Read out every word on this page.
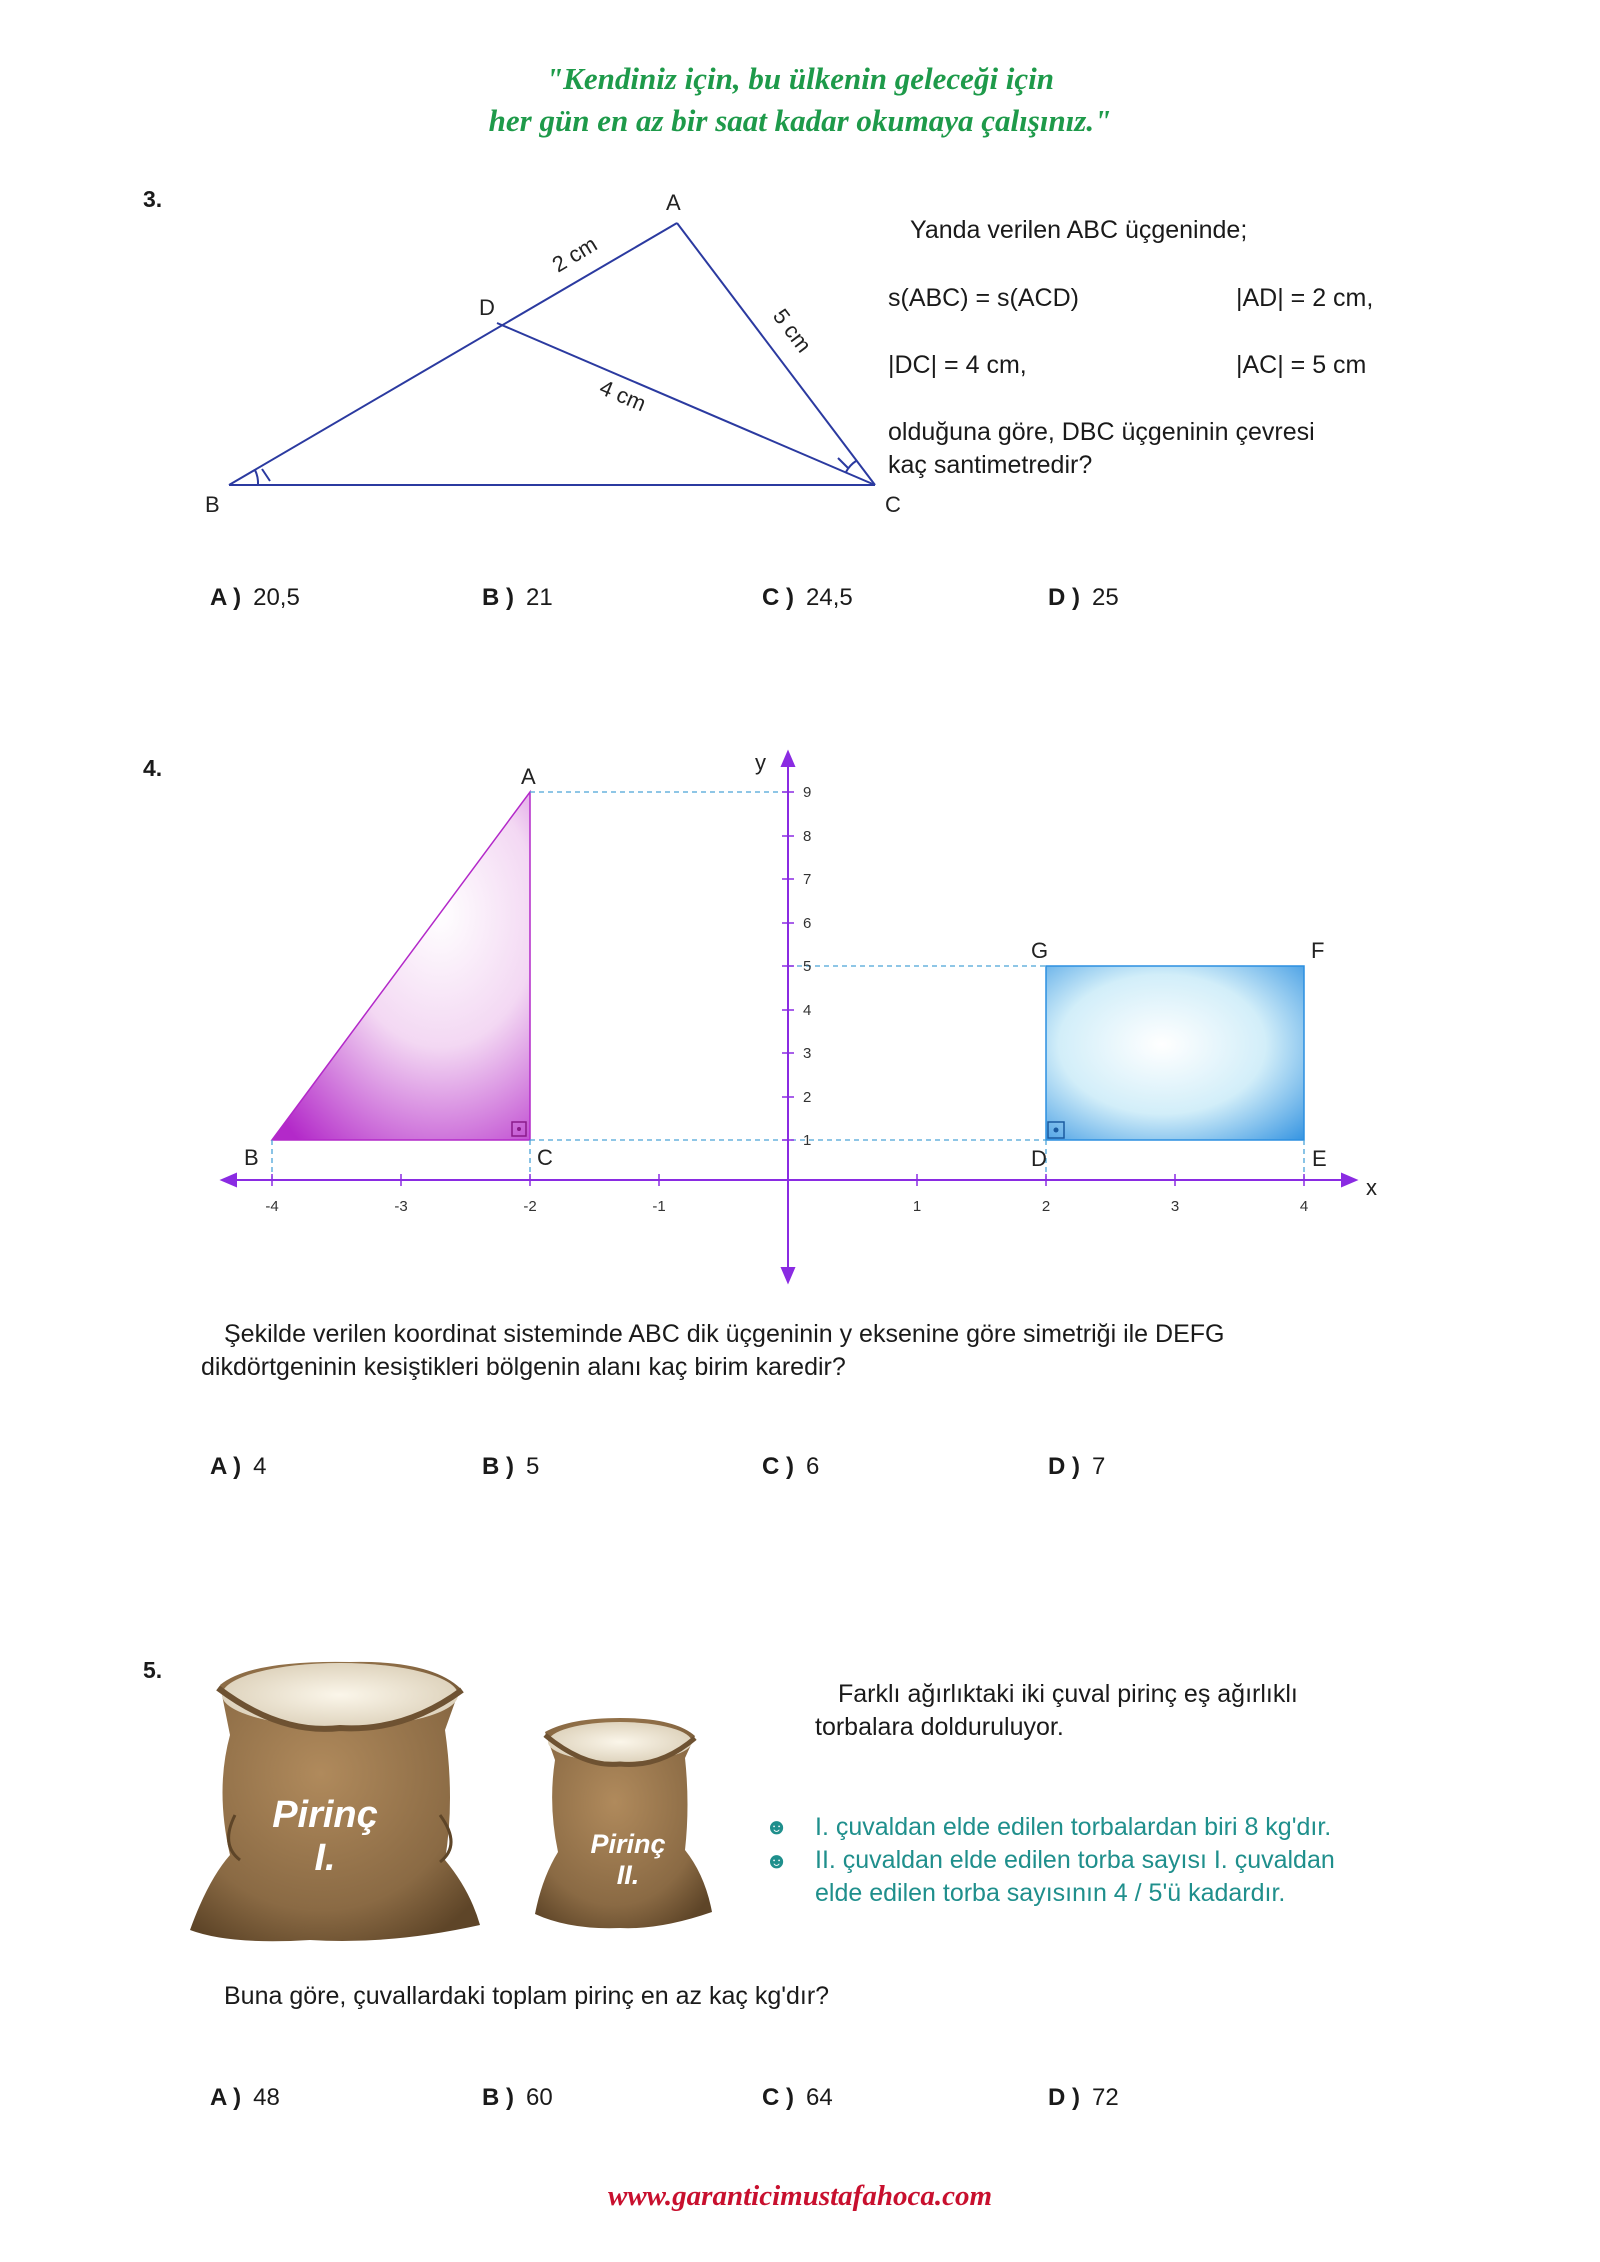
"Kendiniz için, bu ülkenin geleceği için
her gün en az bir saat kadar okumaya çalışınız."
3.	A
B	C
D
2 cm
5 cm
4 cm
Yanda verilen ABC üçgeninde;
s(ABC) = s(ACD)	|AD| = 2 cm,
|DC| = 4 cm,	|AC| = 5 cm
olduğuna göre, DBC üçgeninin çevresi
kaç santimetredir?
A ) 20,5	B ) 21	C ) 24,5	D ) 25
4.
-4	-3	-2	-1	1	2	3	4
1
2
3
4
5
6
7
8
9
x
y
A
B	C	D	E
F
G
Şekilde verilen koordinat sisteminde ABC dik üçgeninin y eksenine göre simetriği ile DEFG
dikdörtgeninin kesiştikleri bölgenin alanı kaç birim karedir?
A ) 4	B ) 5	C ) 6	D ) 7
5.
Pirinç
I.	Pirinç
II.
Farklı ağırlıktaki iki çuval pirinç eş ağırlıklı
torbalara dolduruluyor.
☻ I. çuvaldan elde edilen torbalardan biri 8 kg'dır.
☻ II. çuvaldan elde edilen torba sayısı I. çuvaldan
elde edilen torba sayısının 4 / 5'ü kadardır.
Buna göre, çuvallardaki toplam pirinç en az kaç kg'dır?
A ) 48	B ) 60	C ) 64	D ) 72
www.garanticimustafahoca.com
